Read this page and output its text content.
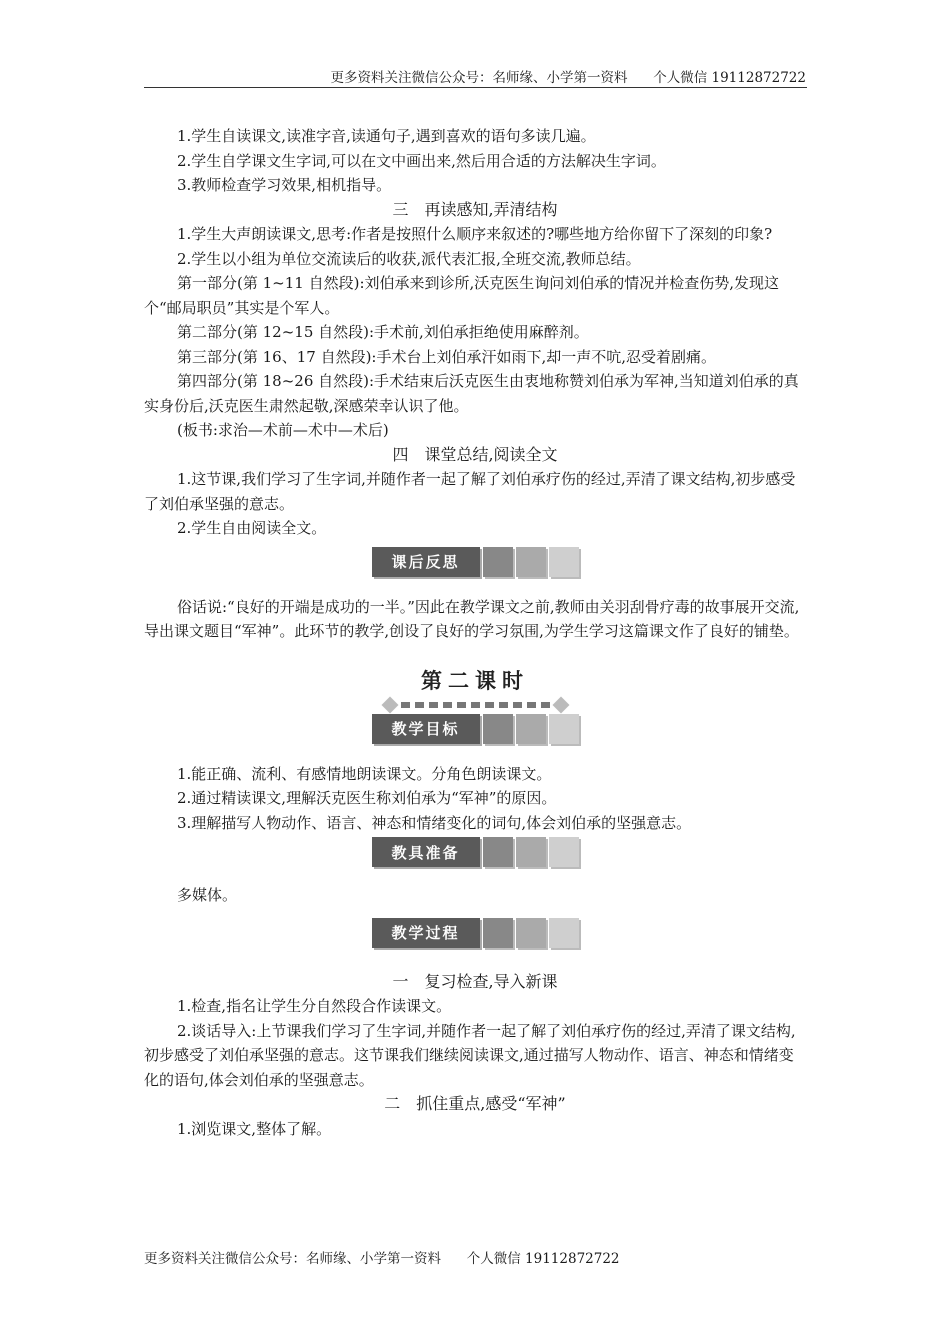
更多资料关注微信公众号：名师缘、小学第一资料      个人微信 19112872722

1.学生自读课文,读准字音,读通句子,遇到喜欢的语句多读几遍。

2.学生自学课文生字词,可以在文中画出来,然后用合适的方法解决生字词。

3.教师检查学习效果,相机指导。

三　再读感知,弄清结构

1.学生大声朗读课文,思考:作者是按照什么顺序来叙述的?哪些地方给你留下了深刻的印象?

2.学生以小组为单位交流读后的收获,派代表汇报,全班交流,教师总结。

第一部分(第 1~11 自然段):刘伯承来到诊所,沃克医生询问刘伯承的情况并检查伤势,发现这个“邮局职员”其实是个军人。

第二部分(第 12~15 自然段):手术前,刘伯承拒绝使用麻醉剂。

第三部分(第 16、17 自然段):手术台上刘伯承汗如雨下,却一声不吭,忍受着剧痛。

第四部分(第 18~26 自然段):手术结束后沃克医生由衷地称赞刘伯承为军神,当知道刘伯承的真实身份后,沃克医生肃然起敬,深感荣幸认识了他。

(板书:求治—术前—术中—术后)

四　课堂总结,阅读全文

1.这节课,我们学习了生字词,并随作者一起了解了刘伯承疗伤的经过,弄清了课文结构,初步感受了刘伯承坚强的意志。

2.学生自由阅读全文。

课后反思

俗话说:“良好的开端是成功的一半。”因此在教学课文之前,教师由关羽刮骨疗毒的故事展开交流,导出课文题目“军神”。此环节的教学,创设了良好的学习氛围,为学生学习这篇课文作了良好的铺垫。

第二课时
教学目标

1.能正确、流利、有感情地朗读课文。分角色朗读课文。

2.通过精读课文,理解沃克医生称刘伯承为“军神”的原因。

3.理解描写人物动作、语言、神态和情绪变化的词句,体会刘伯承的坚强意志。

教具准备

多媒体。

教学过程

一　复习检查,导入新课

1.检查,指名让学生分自然段合作读课文。

2.谈话导入:上节课我们学习了生字词,并随作者一起了解了刘伯承疗伤的经过,弄清了课文结构,初步感受了刘伯承坚强的意志。这节课我们继续阅读课文,通过描写人物动作、语言、神态和情绪变化的语句,体会刘伯承的坚强意志。

二　抓住重点,感受“军神”

1.浏览课文,整体了解。

更多资料关注微信公众号：名师缘、小学第一资料      个人微信 19112872722
